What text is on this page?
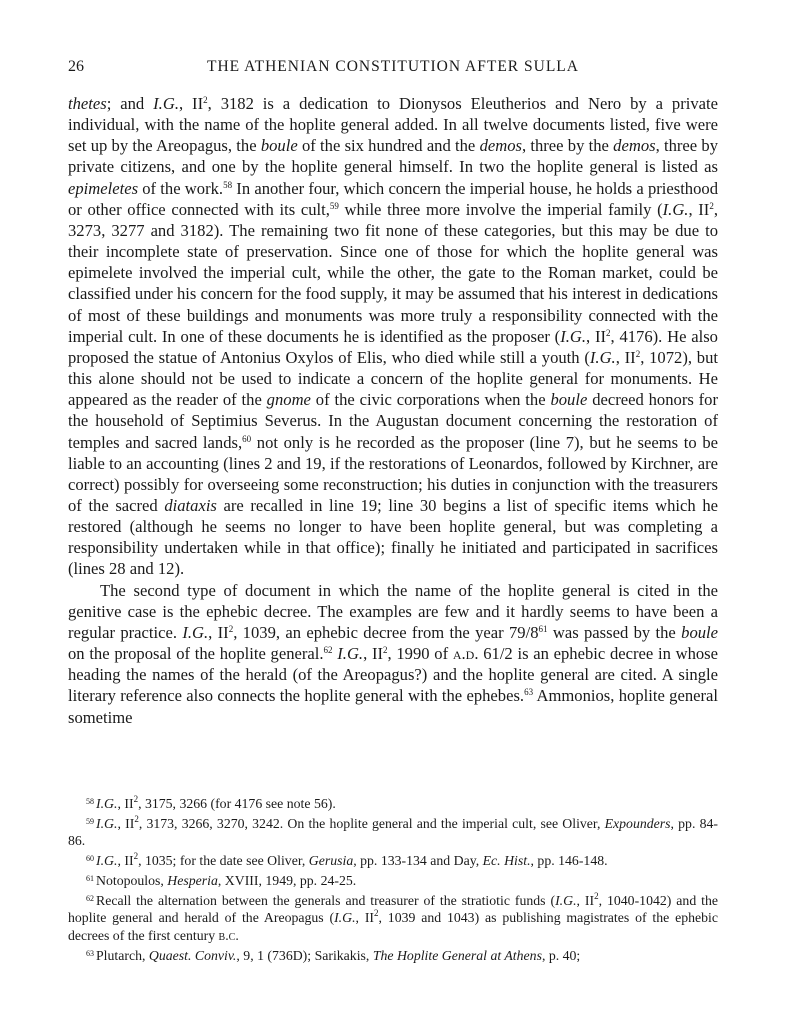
26	THE ATHENIAN CONSTITUTION AFTER SULLA

thetes; and I.G., $II^2$, 3182 is a dedication to Dionysos Eleutherios and Nero by a private individual, with the name of the hoplite general added. In all twelve documents listed, five were set up by the Areopagus, the boule of the six hundred and the demos, three by the demos, three by private citizens, and one by the hoplite general himself. In two the hoplite general is listed as epimeletes of the work.$^{58}$ In another four, which concern the imperial house, he holds a priesthood or other office connected with its cult,$^{59}$ while three more involve the imperial family (I.G., $II^2$, 3273, 3277 and 3182). The remaining two fit none of these categories, but this may be due to their incomplete state of preservation. Since one of those for which the hoplite general was epimelete involved the imperial cult, while the other, the gate to the Roman market, could be classified under his concern for the food supply, it may be assumed that his interest in dedications of most of these buildings and monuments was more truly a responsibility connected with the imperial cult. In one of these documents he is identified as the proposer (I.G., $II^2$, 4176). He also proposed the statue of Antonius Oxylos of Elis, who died while still a youth (I.G., $II^2$, 1072), but this alone should not be used to indicate a concern of the hoplite general for monuments. He appeared as the reader of the gnome of the civic corporations when the boule decreed honors for the household of Septimius Severus. In the Augustan document concerning the restoration of temples and sacred lands,$^{60}$ not only is he recorded as the proposer (line 7), but he seems to be liable to an accounting (lines 2 and 19, if the restorations of Leonardos, followed by Kirchner, are correct) possibly for overseeing some reconstruction; his duties in conjunction with the treasurers of the sacred diataxis are recalled in line 19; line 30 begins a list of specific items which he restored (although he seems no longer to have been hoplite general, but was completing a responsibility undertaken while in that office); finally he initiated and participated in sacrifices (lines 28 and 12).

The second type of document in which the name of the hoplite general is cited in the genitive case is the ephebic decree. The examples are few and it hardly seems to have been a regular practice. I.G., $II^2$, 1039, an ephebic decree from the year $79/8^{61}$ was passed by the boule on the proposal of the hoplite general.$^{62}$ I.G., $II^2$, 1990 of a.d. 61/2 is an ephebic decree in whose heading the names of the herald (of the Areopagus?) and the hoplite general are cited. A single literary reference also connects the hoplite general with the ephebes.$^{63}$ Ammonios, hoplite general sometime

$^{58}$ I.G., $II^2$, 3175, 3266 (for 4176 see note 56).

$^{59}$ I.G., $II^2$, 3173, 3266, 3270, 3242. On the hoplite general and the imperial cult, see Oliver, Expounders, pp. 84-86.

$^{60}$ I.G., $II^2$, 1035; for the date see Oliver, Gerusia, pp. 133-134 and Day, Ec. Hist., pp. 146-148.

$^{61}$ Notopoulos, Hesperia, XVIII, 1949, pp. 24-25.

$^{62}$ Recall the alternation between the generals and treasurer of the stratiotic funds (I.G., $II^2$, 1040-1042) and the hoplite general and herald of the Areopagus (I.G., $II^2$, 1039 and 1043) as publishing magistrates of the ephebic decrees of the first century b.c.

$^{63}$ Plutarch, Quaest. Conviv., 9, 1 (736D); Sarikakis, The Hoplite General at Athens, p. 40;
